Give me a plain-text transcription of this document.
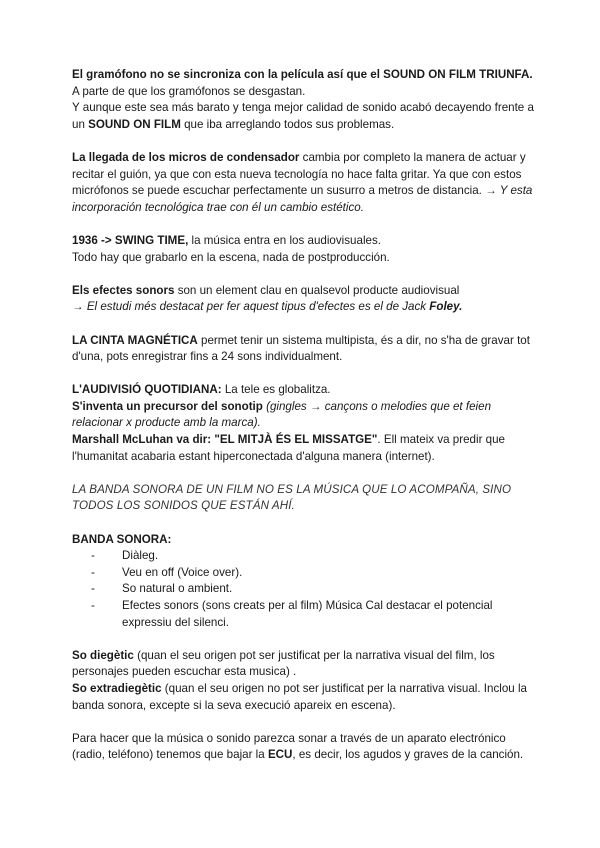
El gramófono no se sincroniza con la película así que el SOUND ON FILM TRIUNFA. A parte de que los gramófonos se desgastan.
Y aunque este sea más barato y tenga mejor calidad de sonido acabó decayendo frente a un SOUND ON FILM que iba arreglando todos sus problemas.

La llegada de los micros de condensador cambia por completo la manera de actuar y recitar el guión, ya que con esta nueva tecnología no hace falta gritar. Ya que con estos micrófonos se puede escuchar perfectamente un susurro a metros de distancia. → Y esta incorporación tecnológica trae con él un cambio estético.

1936 -> SWING TIME, la música entra en los audiovisuales.
Todo hay que grabarlo en la escena, nada de postproducción.

Els efectes sonors son un element clau en qualsevol producte audiovisual
→ El estudi més destacat per fer aquest tipus d'efectes es el de Jack Foley.

LA CINTA MAGNÉTICA permet tenir un sistema multipista, és a dir, no s'ha de gravar tot d'una, pots enregistrar fins a 24 sons individualment.

L'AUDIVISIÓ QUOTIDIANA: La tele es globalitza.
S'inventa un precursor del sonotip (gingles → cançons o melodies que et feien relacionar x producte amb la marca).
Marshall McLuhan va dir: "EL MITJÀ ÉS EL MISSATGE". Ell mateix va predir que l'humanitat acabaria estant hiperconectada d'alguna manera (internet).

LA BANDA SONORA DE UN FILM NO ES LA MÚSICA QUE LO ACOMPAÑA, SINO TODOS LOS SONIDOS QUE ESTÁN AHÍ.

BANDA SONORA:

- Diàleg.
- Veu en off (Voice over).
- So natural o ambient.
- Efectes sonors (sons creats per al film) Música Cal destacar el potencial expressiu del silenci.

So diegètic (quan el seu origen pot ser justificat per la narrativa visual del film, los personajes pueden escuchar esta musica) .
So extradiegètic (quan el seu origen no pot ser justificat per la narrativa visual. Inclou la banda sonora, excepte si la seva execució apareix en escena).

Para hacer que la música o sonido parezca sonar a través de un aparato electrónico (radio, teléfono) tenemos que bajar la ECU, es decir, los agudos y graves de la canción.
